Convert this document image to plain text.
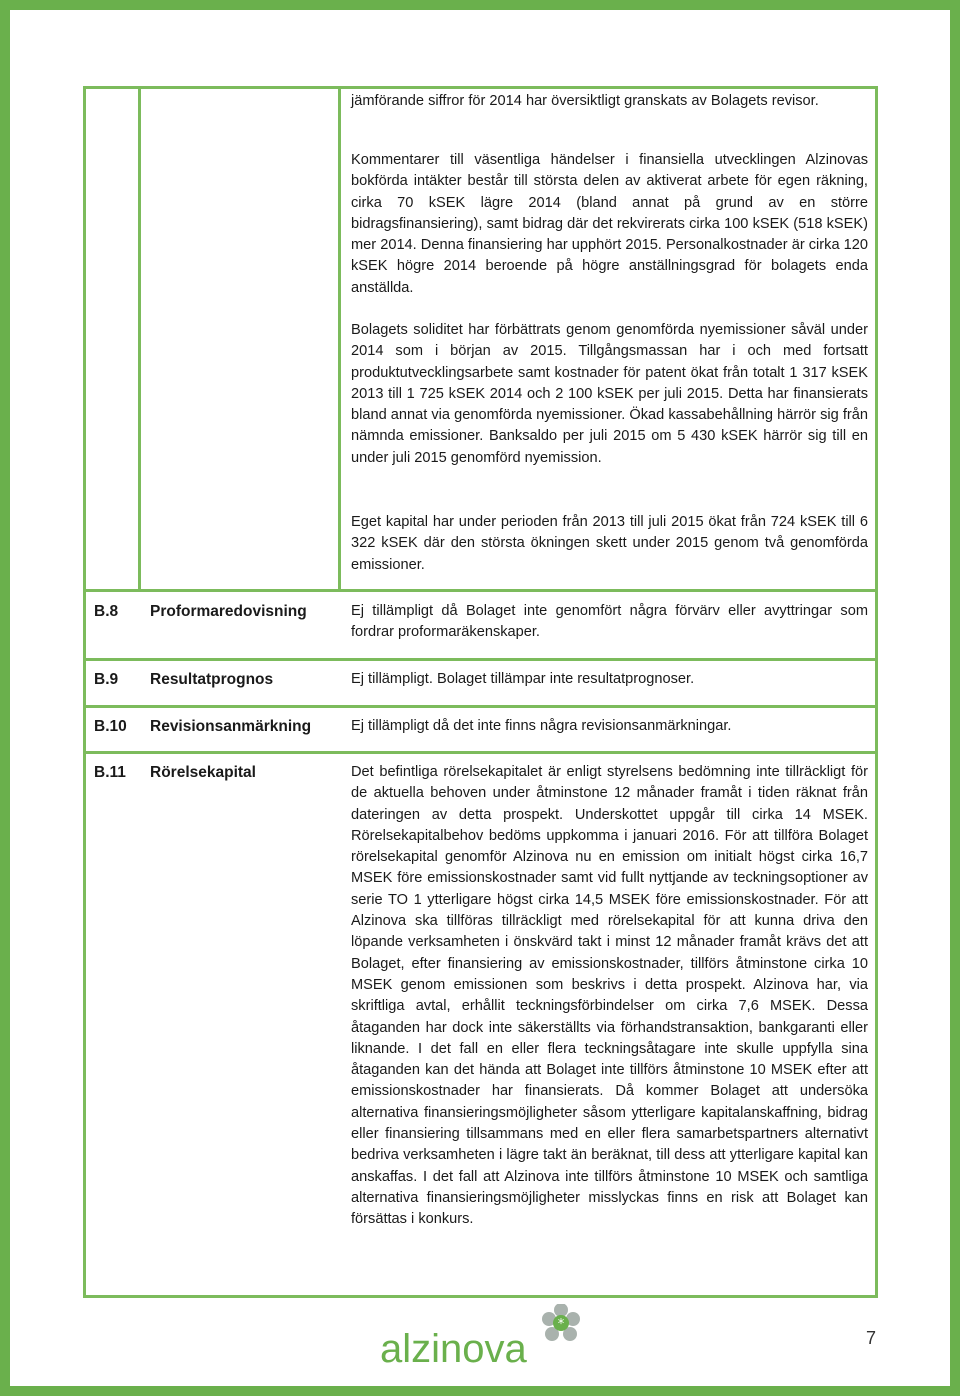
jämförande siffror för 2014 har översiktligt granskats av Bolagets revisor.

Kommentarer till väsentliga händelser i finansiella utvecklingen Alzinovas bokförda intäkter består till största delen av aktiverat arbete för egen räkning, cirka 70 kSEK lägre 2014 (bland annat på grund av en större bidragsfinansiering), samt bidrag där det rekvirerats cirka 100 kSEK (518 kSEK) mer 2014. Denna finansiering har upphört 2015. Personalkostnader är cirka 120 kSEK högre 2014 beroende på högre anställningsgrad för bolagets enda anställda.

Bolagets soliditet har förbättrats genom genomförda nyemissioner såväl under 2014 som i början av 2015. Tillgångsmassan har i och med fortsatt produktutvecklingsarbete samt kostnader för patent ökat från totalt 1 317 kSEK 2013 till 1 725 kSEK 2014 och 2 100 kSEK per juli 2015. Detta har finansierats bland annat via genomförda nyemissioner. Ökad kassabehållning härrör sig från nämnda emissioner. Banksaldo per juli 2015 om 5 430 kSEK härrör sig till en under juli 2015 genomförd nyemission.

Eget kapital har under perioden från 2013 till juli 2015 ökat från 724 kSEK till 6 322 kSEK där den största ökningen skett under 2015 genom två genomförda emissioner.

B.8 Proformaredovisning	Ej tillämpligt då Bolaget inte genomfört några förvärv eller avyttringar som fordrar proformaräkenskaper.

B.9 Resultatprognos	Ej tillämpligt. Bolaget tillämpar inte resultatprognoser.

B.10 Revisionsanmärkning	Ej tillämpligt då det inte finns några revisionsanmärkningar.

B.11 Rörelsekapital	Det befintliga rörelsekapitalet är enligt styrelsens bedömning inte tillräckligt för de aktuella behoven under åtminstone 12 månader framåt i tiden räknat från dateringen av detta prospekt. Underskottet uppgår till cirka 14 MSEK. Rörelsekapitalbehov bedöms uppkomma i januari 2016. För att tillföra Bolaget rörelsekapital genomför Alzinova nu en emission om initialt högst cirka 16,7 MSEK före emissionskostnader samt vid fullt nyttjande av teckningsoptioner av serie TO 1 ytterligare högst cirka 14,5 MSEK före emissionskostnader. För att Alzinova ska tillföras tillräckligt med rörelsekapital för att kunna driva den löpande verksamheten i önskvärd takt i minst 12 månader framåt krävs det att Bolaget, efter finansiering av emissionskostnader, tillförs åtminstone cirka 10 MSEK genom emissionen som beskrivs i detta prospekt. Alzinova har, via skriftliga avtal, erhållit teckningsförbindelser om cirka 7,6 MSEK. Dessa åtaganden har dock inte säkerställts via förhandstransaktion, bankgaranti eller liknande. I det fall en eller flera teckningsåtagare inte skulle uppfylla sina åtaganden kan det hända att Bolaget inte tillförs åtminstone 10 MSEK efter att emissionskostnader har finansierats. Då kommer Bolaget att undersöka alternativa finansieringsmöjligheter såsom ytterligare kapitalanskaffning, bidrag eller finansiering tillsammans med en eller flera samarbetspartners alternativt bedriva verksamheten i lägre takt än beräknat, till dess att ytterligare kapital kan anskaffas. I det fall att Alzinova inte tillförs åtminstone 10 MSEK och samtliga alternativa finansieringsmöjligheter misslyckas finns en risk att Bolaget kan försättas i konkurs.

*
alzinova	7
